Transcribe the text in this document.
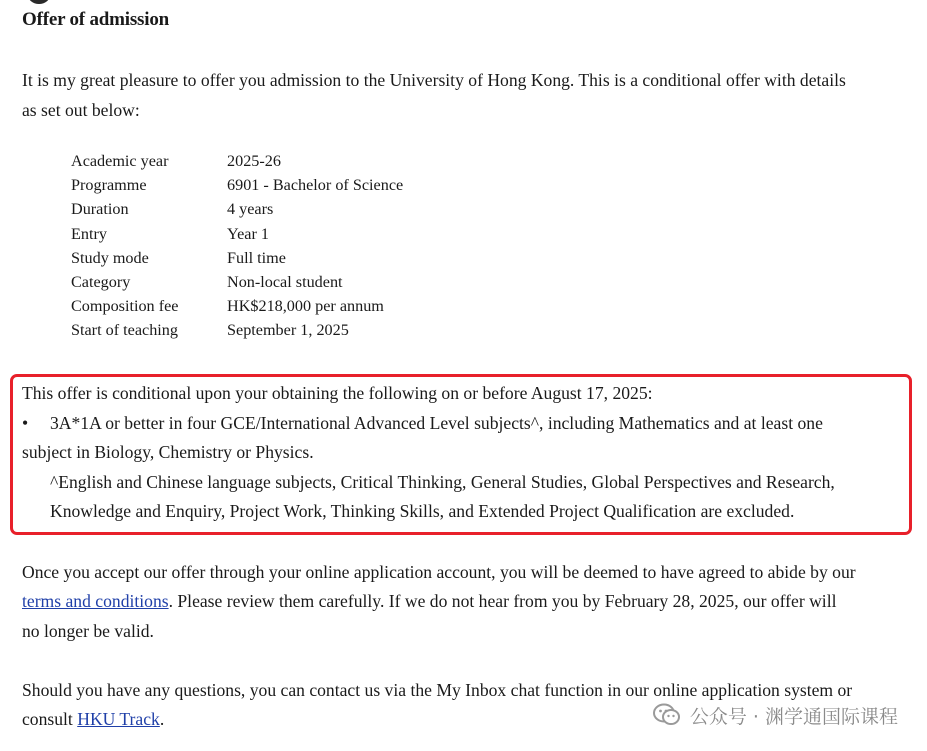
Offer of admission
It is my great pleasure to offer you admission to the University of Hong Kong. This is a conditional offer with details
as set out below:
Academic year	2025-26
Programme	6901 - Bachelor of Science
Duration	4 years
Entry	Year 1
Study mode	Full time
Category	Non-local student
Composition fee	HK$218,000 per annum
Start of teaching	September 1, 2025
This offer is conditional upon your obtaining the following on or before August 17, 2025:
• 3A*1A or better in four GCE/International Advanced Level subjects^, including Mathematics and at least one
subject in Biology, Chemistry or Physics.
^English and Chinese language subjects, Critical Thinking, General Studies, Global Perspectives and Research,
Knowledge and Enquiry, Project Work, Thinking Skills, and Extended Project Qualification are excluded.
Once you accept our offer through your online application account, you will be deemed to have agreed to abide by our
terms and conditions. Please review them carefully. If we do not hear from you by February 28, 2025, our offer will
no longer be valid.
Should you have any questions, you can contact us via the My Inbox chat function in our online application system or
consult HKU Track.	公众号 · 渊学通国际课程
